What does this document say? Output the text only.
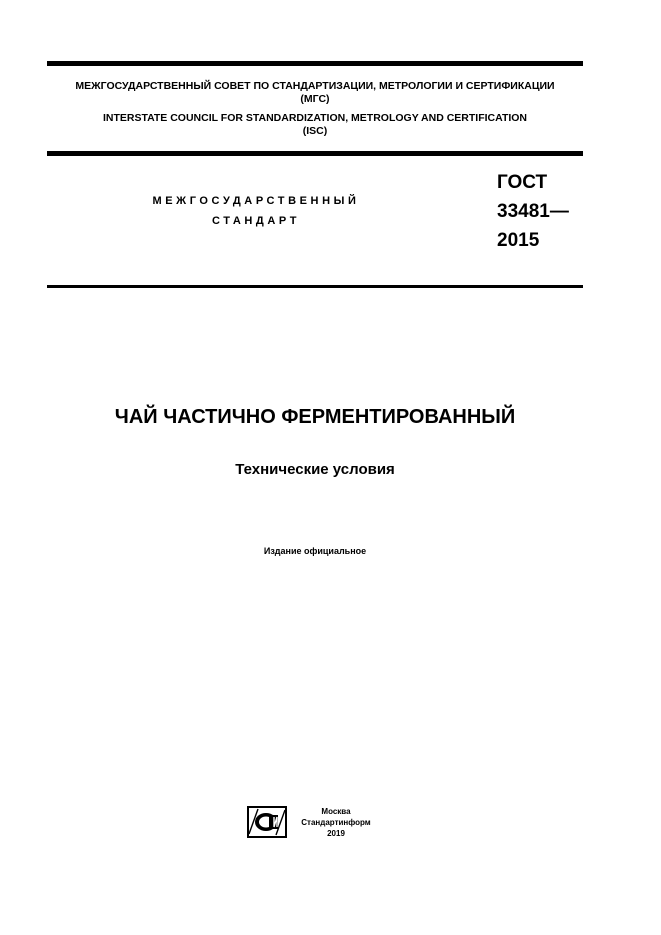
МЕЖГОСУДАРСТВЕННЫЙ СОВЕТ ПО СТАНДАРТИЗАЦИИ, МЕТРОЛОГИИ И СЕРТИФИКАЦИИ
(МГС)
INTERSTATE COUNCIL FOR STANDARDIZATION, METROLOGY AND CERTIFICATION
(ISC)
МЕЖГОСУДАРСТВЕННЫЙ
СТАНДАРТ
ГОСТ
33481—
2015
ЧАЙ ЧАСТИЧНО ФЕРМЕНТИРОВАННЫЙ
Технические условия
Издание официальное
Москва
Стандартинформ
2019
